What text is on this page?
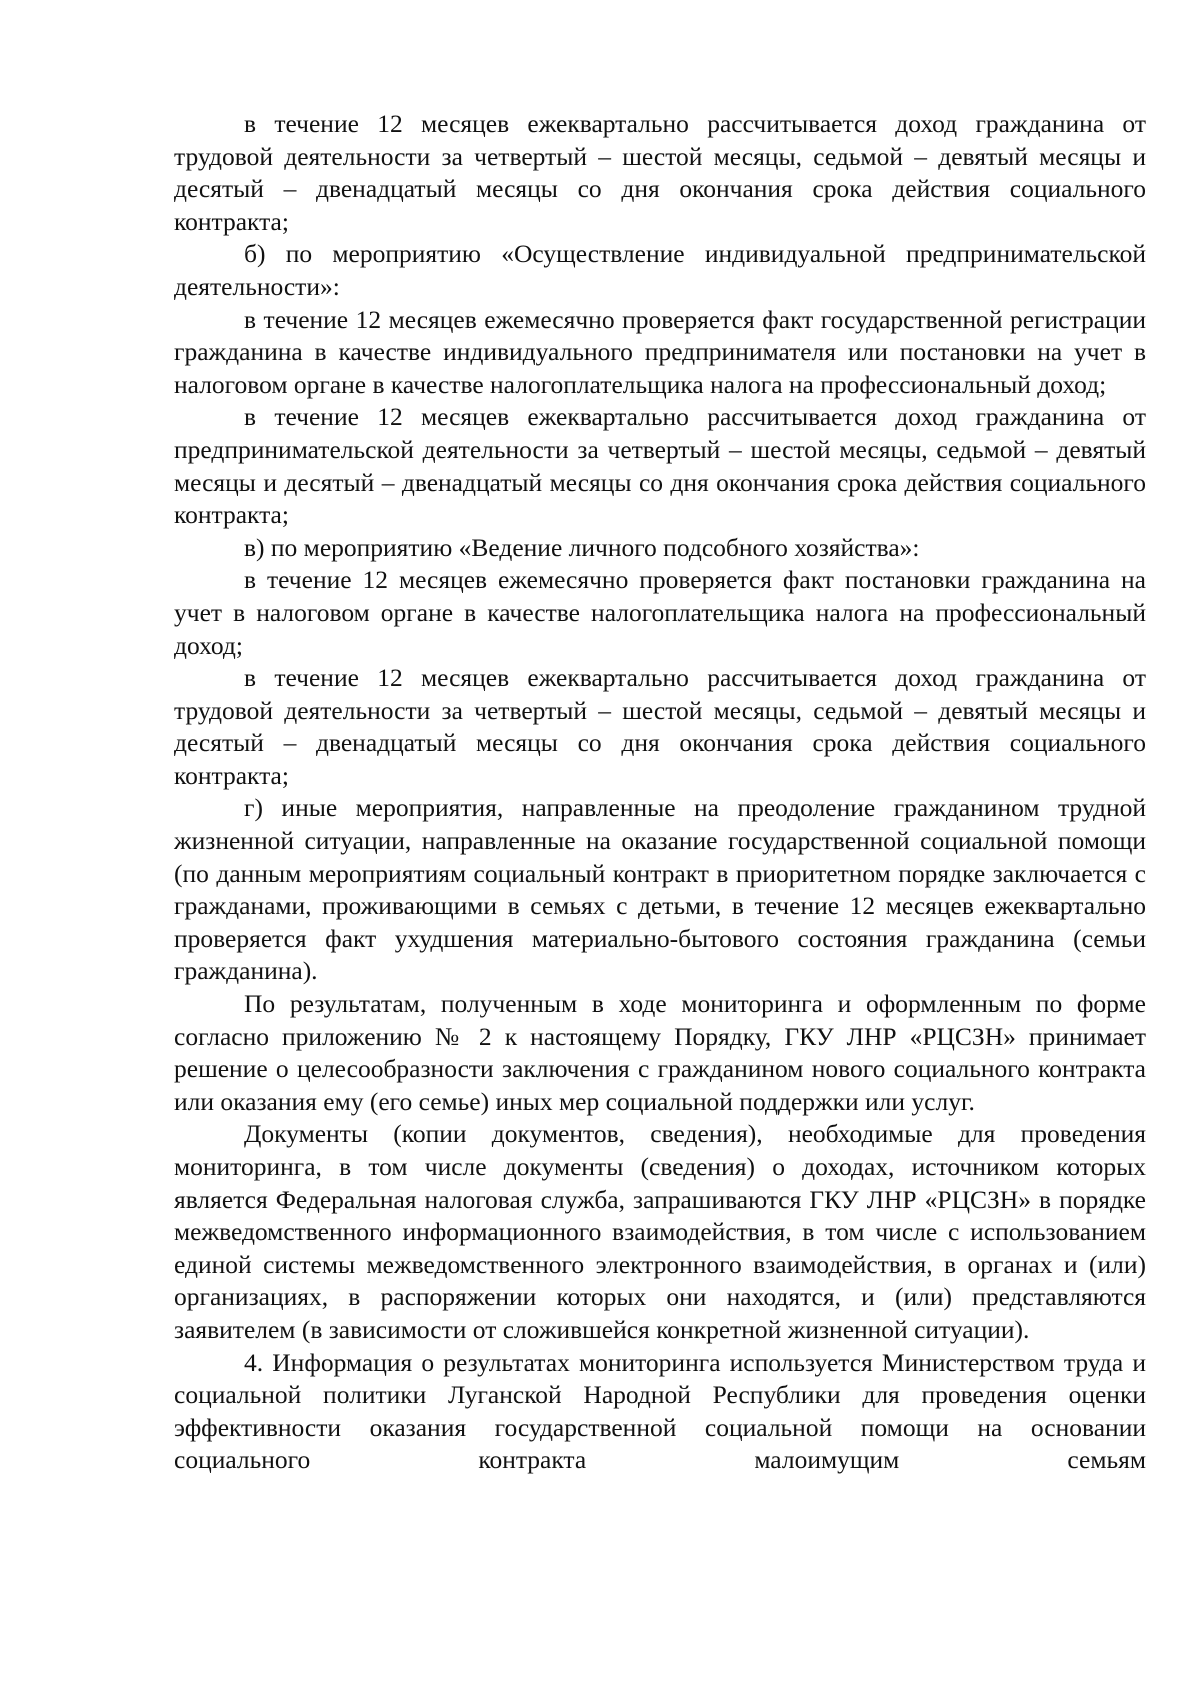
в течение 12 месяцев ежеквартально рассчитывается доход гражданина от трудовой деятельности за четвертый – шестой месяцы, седьмой – девятый месяцы и десятый – двенадцатый месяцы со дня окончания срока действия социального контракта;

б) по мероприятию «Осуществление индивидуальной предпринимательской деятельности»:

в течение 12 месяцев ежемесячно проверяется факт государственной регистрации гражданина в качестве индивидуального предпринимателя или постановки на учет в налоговом органе в качестве налогоплательщика налога на профессиональный доход;

в течение 12 месяцев ежеквартально рассчитывается доход гражданина от предпринимательской деятельности за четвертый – шестой месяцы, седьмой – девятый месяцы и десятый – двенадцатый месяцы со дня окончания срока действия социального контракта;

в) по мероприятию «Ведение личного подсобного хозяйства»:

в течение 12 месяцев ежемесячно проверяется факт постановки гражданина на учет в налоговом органе в качестве налогоплательщика налога на профессиональный доход;

в течение 12 месяцев ежеквартально рассчитывается доход гражданина от трудовой деятельности за четвертый – шестой месяцы, седьмой – девятый месяцы и десятый – двенадцатый месяцы со дня окончания срока действия социального контракта;

г) иные мероприятия, направленные на преодоление гражданином трудной жизненной ситуации, направленные на оказание государственной социальной помощи (по данным мероприятиям социальный контракт в приоритетном порядке заключается с гражданами, проживающими в семьях с детьми, в течение 12 месяцев ежеквартально проверяется факт ухудшения материально-бытового состояния гражданина (семьи гражданина).

По результатам, полученным в ходе мониторинга и оформленным по форме согласно приложению № 2 к настоящему Порядку, ГКУ ЛНР «РЦСЗН» принимает решение о целесообразности заключения с гражданином нового социального контракта или оказания ему (его семье) иных мер социальной поддержки или услуг.

Документы (копии документов, сведения), необходимые для проведения мониторинга, в том числе документы (сведения) о доходах, источником которых является Федеральная налоговая служба, запрашиваются ГКУ ЛНР «РЦСЗН» в порядке межведомственного информационного взаимодействия, в том числе с использованием единой системы межведомственного электронного взаимодействия, в органах и (или) организациях, в распоряжении которых они находятся, и (или) представляются заявителем (в зависимости от сложившейся конкретной жизненной ситуации).

4. Информация о результатах мониторинга используется Министерством труда и социальной политики Луганской Народной Республики для проведения оценки эффективности оказания государственной социальной помощи на основании социального контракта малоимущим семьям
